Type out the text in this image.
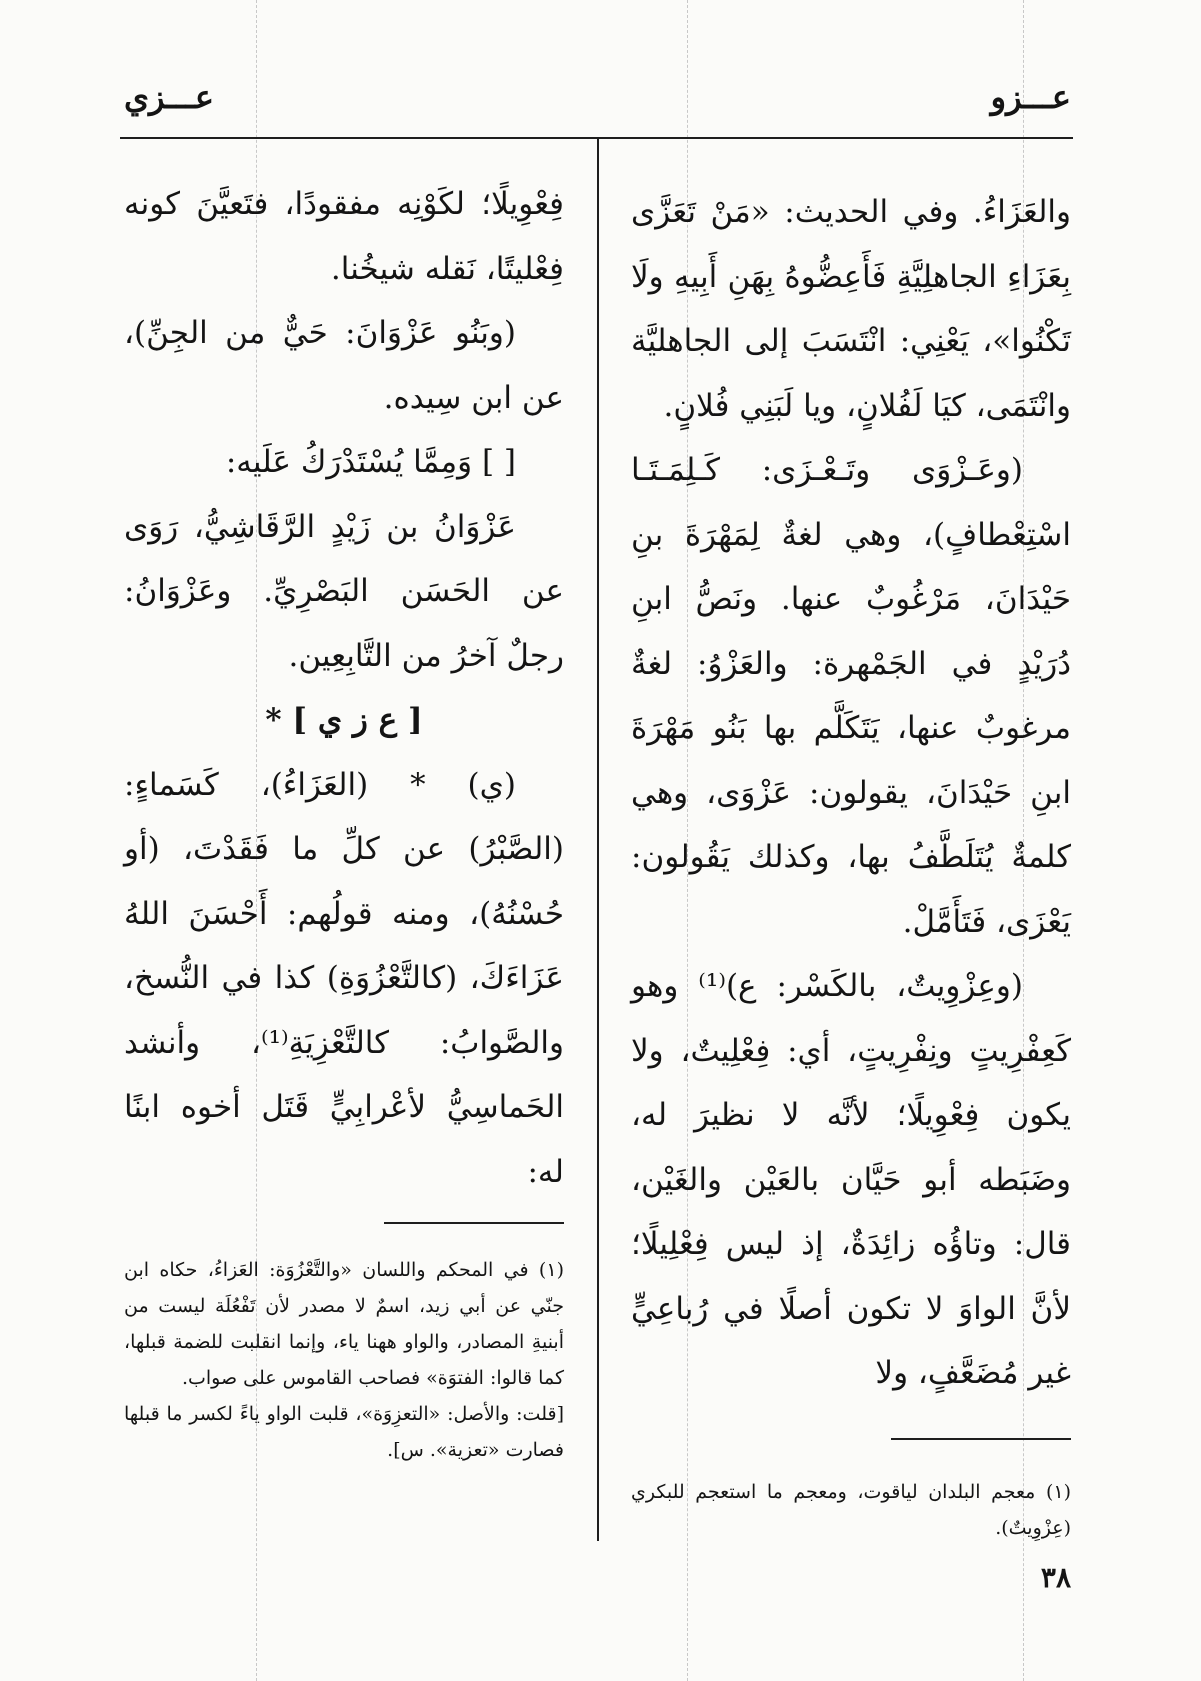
عـــزو
عـــزي

والعَزَاءُ. وفي الحديث: «مَنْ تَعَزَّى بِعَزَاءِ الجاهلِيَّةِ فَأَعِضُّوهُ بِهَنِ أَبِيهِ ولَا تَكْنُوا»، يَعْنِي: انْتَسَبَ إلى الجاهليَّة وانْتَمَى، كيَا لَفُلانٍ، ويا لَبَنِي فُلانٍ.

(وعَـزْوَى وتَـعْـزَى: كَـلِمَـتَـا اسْتِعْطافٍ)، وهي لغةٌ لِمَهْرَةَ بنِ حَيْدَانَ، مَرْغُوبٌ عنها. ونَصُّ ابنِ دُرَيْدٍ في الجَمْهرة: والعَزْوُ: لغةٌ مرغوبٌ عنها، يَتَكَلَّم بها بَنُو مَهْرَةَ ابنِ حَيْدَانَ، يقولون: عَزْوَى، وهي كلمةٌ يُتَلَطَّفُ بها، وكذلك يَقُولون: يَعْزَى، فَتَأَمَّلْ.

(وعِزْوِيتٌ، بالكَسْر: ع)⁽¹⁾ وهو كَعِفْرِيتٍ ونِفْرِيتٍ، أي: فِعْلِيتٌ، ولا يكون فِعْوِيلًا؛ لأنَّه لا نظيرَ له، وضَبَطه أبو حَيَّان بالعَيْن والغَيْن، قال: وتاؤُه زائِدَةٌ، إذ ليس فِعْلِيلًا؛ لأنَّ الواوَ لا تكون أصلًا في رُباعِيٍّ غير مُضَعَّفٍ، ولا

فِعْوِيلًا؛ لكَوْنِه مفقودًا، فتَعيَّنَ كونه فِعْليتًا، نَقله شيخُنا.

(وبَنُو عَزْوَانَ: حَيٌّ من الجِنِّ)، عن ابن سِيده.

[ ] وَمِمَّا يُسْتَدْرَكُ عَلَيه:

عَزْوَانُ بن زَيْدٍ الرَّقَاشِيُّ، رَوَى عن الحَسَن البَصْرِيِّ. وعَزْوَانُ: رجلٌ آخرُ من التَّابِعِين.

[ ع ز ي ] *

(ي) * (العَزَاءُ)، كَسَماءٍ: (الصَّبْرُ) عن كلِّ ما فَقَدْتَ، (أو حُسْنُهُ)، ومنه قولُهم: أَحْسَنَ اللهُ عَزَاءَكَ، (كالتَّعْزُوَةِ) كذا في النُّسخ، والصَّوابُ: كالتَّعْزِيَةِ⁽¹⁾، وأنشد الحَماسِيُّ لأعْرابِيٍّ قَتَل أخوه ابنًا له:

(١) معجم البلدان لياقوت، ومعجم ما استعجم للبكري (عِزْوِيتٌ).

(١) في المحكم واللسان «والتَّعْزُوَة: العَزاءُ، حكاه ابن جنّي عن أبي زيد، اسمٌ لا مصدر لأن تَفْعُلَة ليست من أبنيةِ المصادر، والواو ههنا ياء، وإنما انقلبت للضمة قبلها، كما قالوا: الفتوَة» فصاحب القاموس على صواب.

[قلت: والأصل: «التعزِوَة»، قلبت الواو ياءً لكسر ما قبلها فصارت «تعزية». س].

٣٨
